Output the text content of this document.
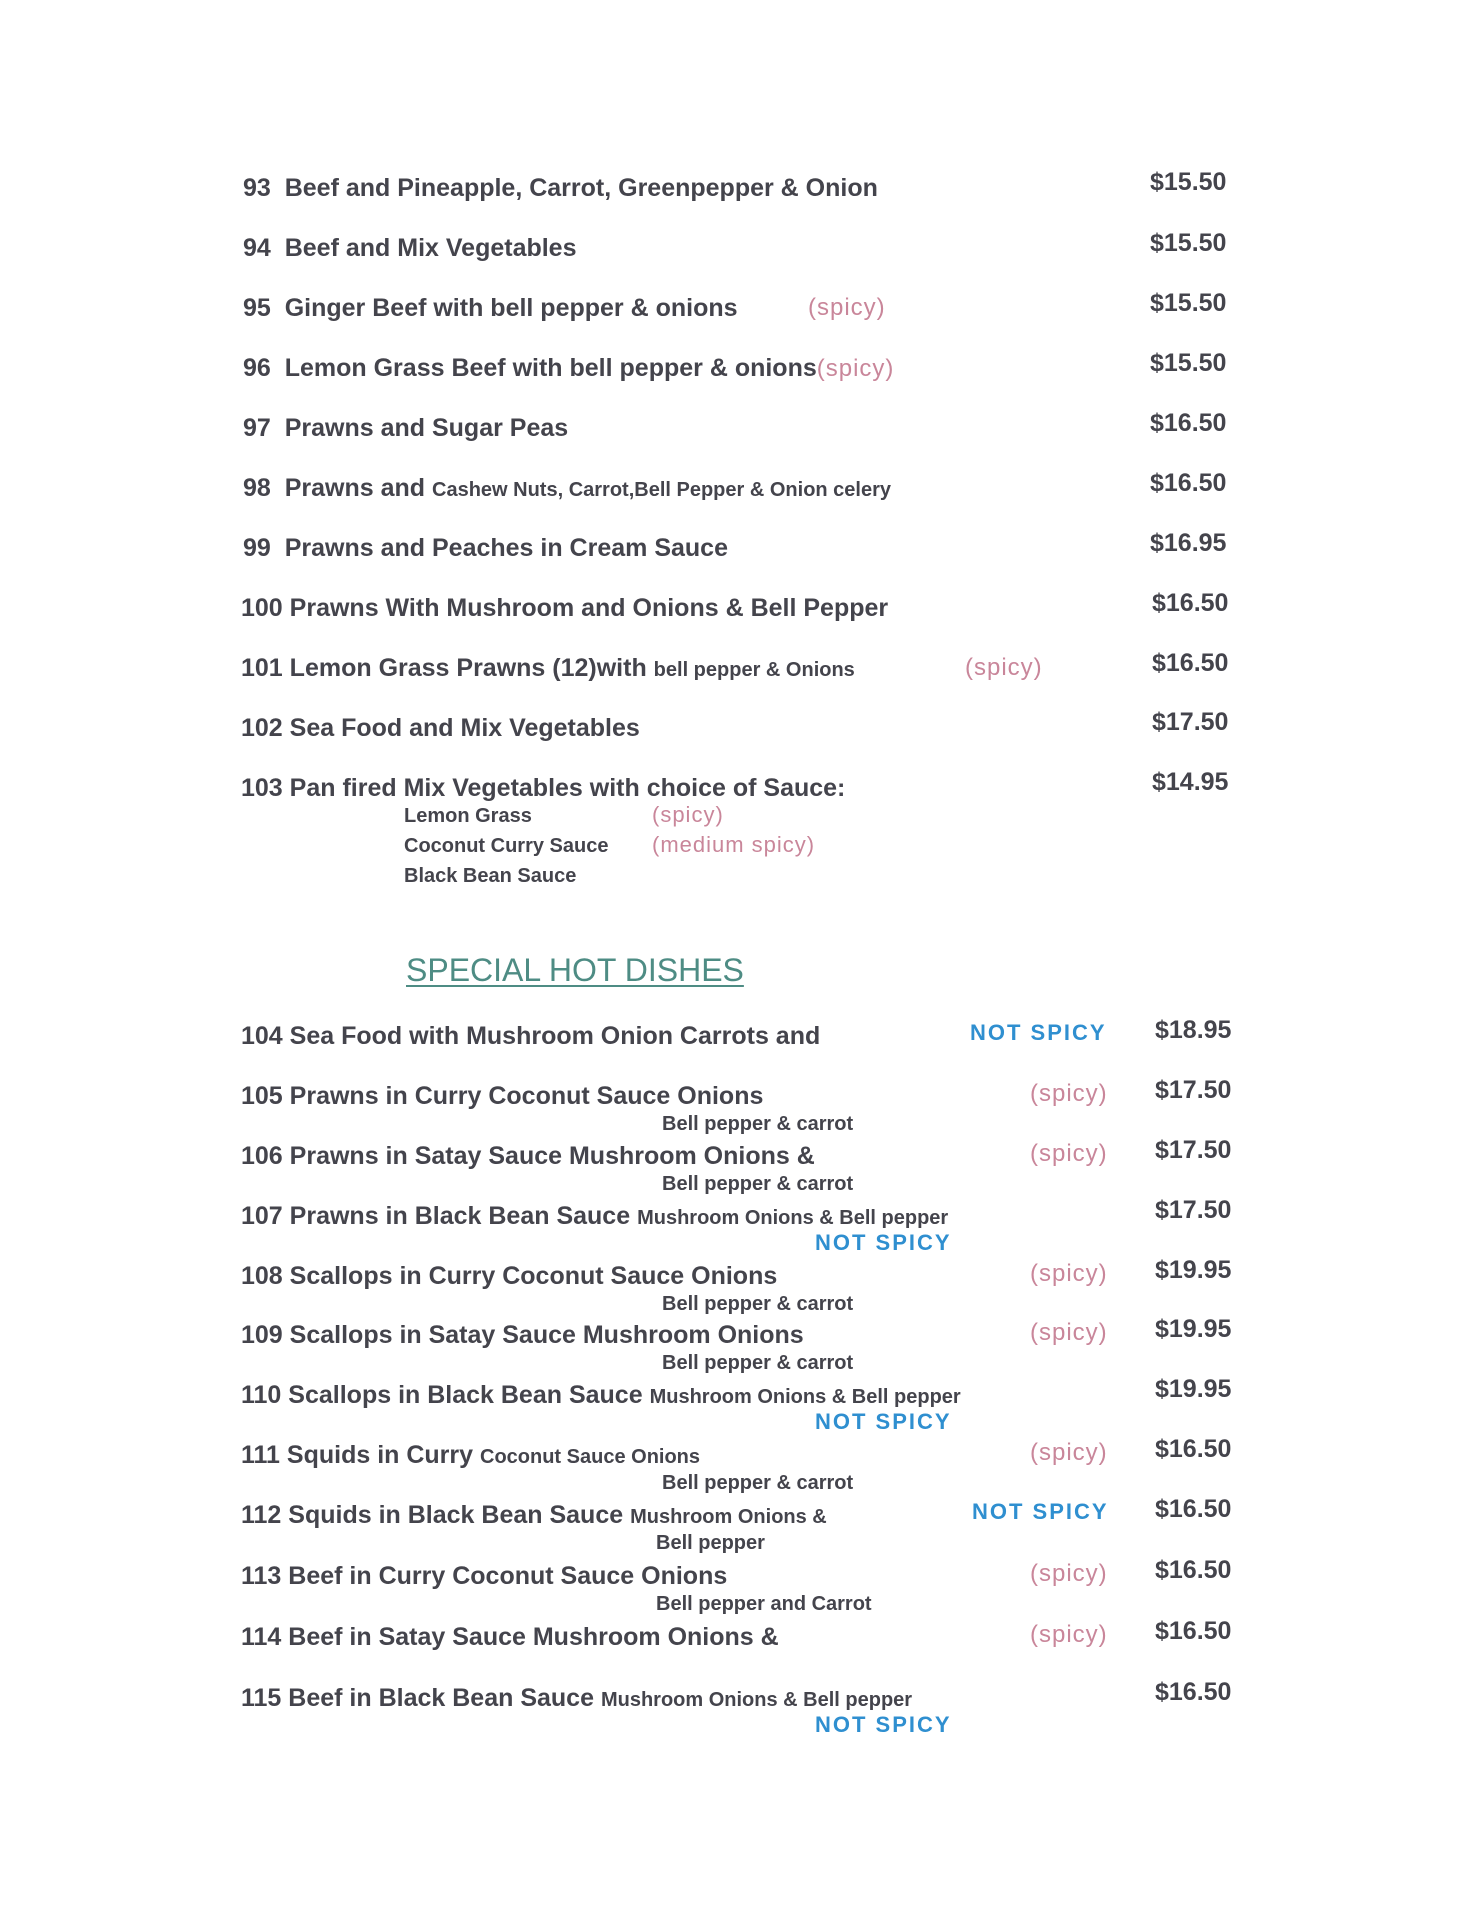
93 Beef and Pineapple, Carrot, Greenpepper & Onion	$15.50
94 Beef and Mix Vegetables	$15.50
95 Ginger Beef with bell pepper & onions	(spicy)	$15.50
96 Lemon Grass Beef with bell pepper & onions(spicy)	$15.50
97 Prawns and Sugar Peas	$16.50
98 Prawns and Cashew Nuts, Carrot,Bell Pepper & Onion celery	$16.50
99 Prawns and Peaches in Cream Sauce	$16.95
100 Prawns With Mushroom and Onions & Bell Pepper	$16.50
101 Lemon Grass Prawns (12)with bell pepper & Onions	(spicy)	$16.50
102 Sea Food and Mix Vegetables	$17.50
103 Pan fired Mix Vegetables with choice of Sauce:	$14.95
Lemon Grass	(spicy)
Coconut Curry Sauce (medium spicy)
Black Bean Sauce
SPECIAL HOT DISHES
104 Sea Food with Mushroom Onion Carrots and	NOT SPICY $18.95
105 Prawns in Curry Coconut Sauce Onions	(spicy) $17.50
Bell pepper & carrot
106 Prawns in Satay Sauce Mushroom Onions &	(spicy) $17.50
Bell pepper & carrot
107 Prawns in Black Bean Sauce Mushroom Onions & Bell pepper	$17.50
NOT SPICY
108 Scallops in Curry Coconut Sauce Onions	(spicy) $19.95
Bell pepper & carrot
109 Scallops in Satay Sauce Mushroom Onions	(spicy) $19.95
Bell pepper & carrot
110 Scallops in Black Bean Sauce Mushroom Onions & Bell pepper	$19.95
NOT SPICY
111 Squids in Curry Coconut Sauce Onions	(spicy) $16.50
Bell pepper & carrot
112 Squids in Black Bean Sauce Mushroom Onions &	NOT SPICY $16.50
Bell pepper
113 Beef in Curry Coconut Sauce Onions	(spicy) $16.50
Bell pepper and Carrot
114 Beef in Satay Sauce Mushroom Onions &	(spicy) $16.50
115 Beef in Black Bean Sauce Mushroom Onions & Bell pepper	$16.50
NOT SPICY
